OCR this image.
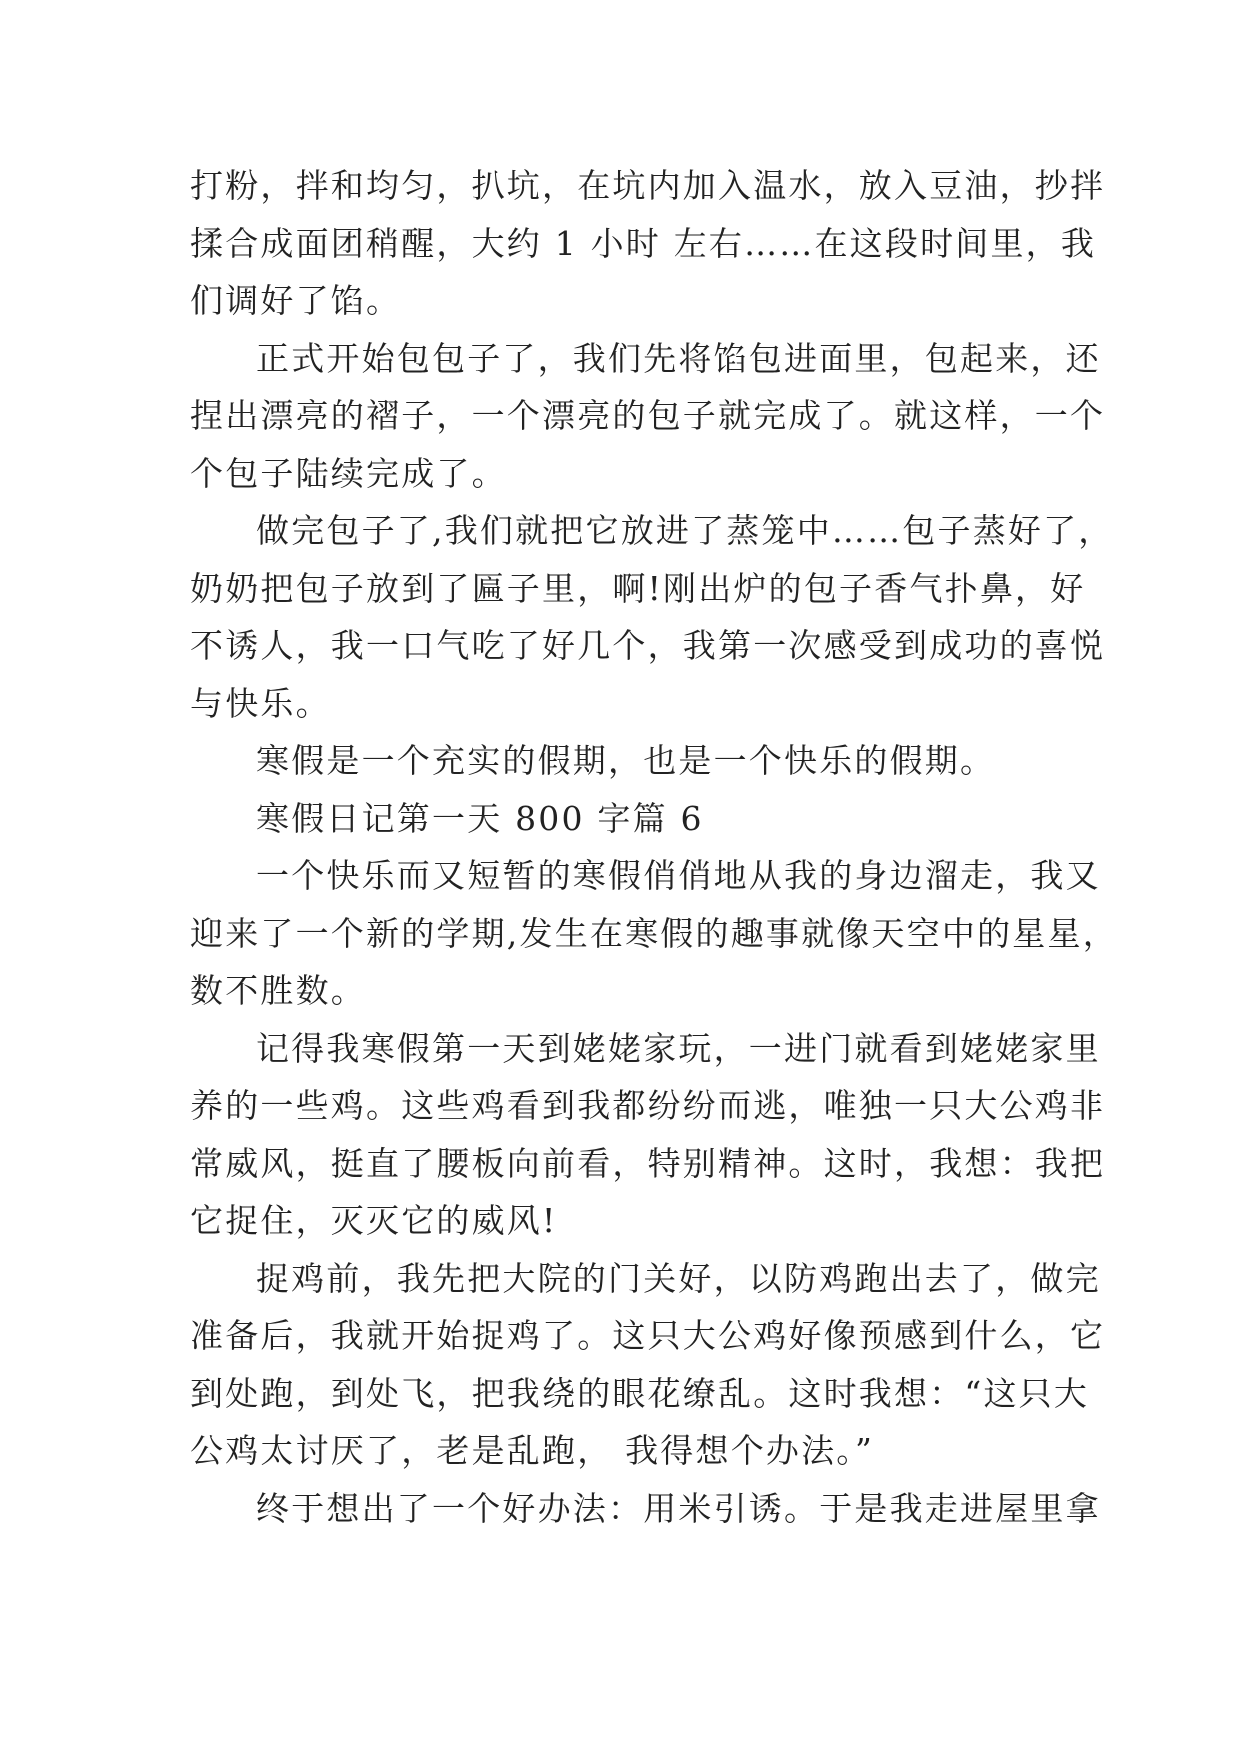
打粉，拌和均匀，扒坑，在坑内加入温水，放入豆油，抄拌
揉合成面团稍醒，大约 1 小时 左右……在这段时间里，我
们调好了馅。
正式开始包包子了，我们先将馅包进面里，包起来，还
捏出漂亮的褶子，一个漂亮的包子就完成了。就这样，一个
个包子陆续完成了。
做完包子了,我们就把它放进了蒸笼中……包子蒸好了，
奶奶把包子放到了匾子里，啊!刚出炉的包子香气扑鼻，好
不诱人，我一口气吃了好几个，我第一次感受到成功的喜悦
与快乐。
寒假是一个充实的假期，也是一个快乐的假期。
寒假日记第一天 800 字篇 6
一个快乐而又短暂的寒假俏俏地从我的身边溜走，我又
迎来了一个新的学期,发生在寒假的趣事就像天空中的星星，
数不胜数。
记得我寒假第一天到姥姥家玩，一进门就看到姥姥家里
养的一些鸡。这些鸡看到我都纷纷而逃，唯独一只大公鸡非
常威风，挺直了腰板向前看，特别精神。这时，我想：我把
它捉住，灭灭它的威风!
捉鸡前，我先把大院的门关好，以防鸡跑出去了，做完
准备后，我就开始捉鸡了。这只大公鸡好像预感到什么，它
到处跑，到处飞，把我绕的眼花缭乱。这时我想：“这只大
公鸡太讨厌了，老是乱跑， 我得想个办法。”
终于想出了一个好办法：用米引诱。于是我走进屋里拿
